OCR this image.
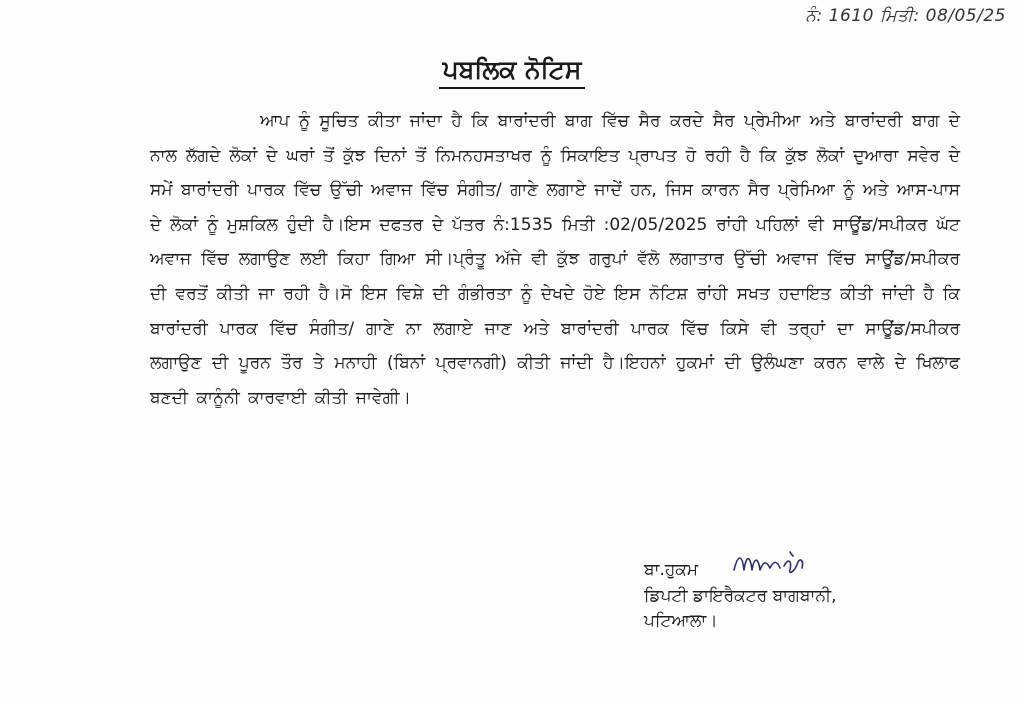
ਨੰ: 1610 ਮਿਤੀ: 08/05/25
ਪਬਲਿਕ ਨੋਟਿਸ

ਆਪ ਨੂੰ ਸੂਚਿਤ ਕੀਤਾ ਜਾਂਦਾ ਹੈ ਕਿ ਬਾਰਾਂਦਰੀ ਬਾਗ ਵਿੱਚ ਸੈਰ ਕਰਦੇ ਸੈਰ ਪ੍ਰੇਮੀਆ ਅਤੇ ਬਾਰਾਂਦਰੀ ਬਾਗ ਦੇ ਨਾਲ ਲੱਗਦੇ ਲੋਕਾਂ ਦੇ ਘਰਾਂ ਤੋਂ ਕੁੱਝ ਦਿਨਾਂ ਤੋਂ ਨਿਮਨਹਸਤਾਖਰ ਨੂੰ ਸਿਕਾਇਤ ਪ੍ਰਾਪਤ ਹੋ ਰਹੀ ਹੈ ਕਿ ਕੁੱਝ ਲੋਕਾਂ ਦੁਆਰਾ ਸਵੇਰ ਦੇ ਸਮੇਂ ਬਾਰਾਂਦਰੀ ਪਾਰਕ ਵਿੱਚ ਉੱਚੀ ਅਵਾਜ ਵਿੱਚ ਸੰਗੀਤ/ ਗਾਣੇ ਲਗਾਏ ਜਾਦੇਂ ਹਨ, ਜਿਸ ਕਾਰਨ ਸੈਰ ਪ੍ਰੇਮਿਆ ਨੂੰ ਅਤੇ ਆਸ-ਪਾਸ ਦੇ ਲੋਕਾਂ ਨੂੰ ਮੁਸ਼ਕਿਲ ਹੁੰਦੀ ਹੈ।ਇਸ ਦਫਤਰ ਦੇ ਪੱਤਰ ਨੰ:1535 ਮਿਤੀ :02/05/2025 ਰਾਂਹੀ ਪਹਿਲਾਂ ਵੀ ਸਾਊਂਡ/ਸਪੀਕਰ ਘੱਟ ਅਵਾਜ ਵਿੱਚ ਲਗਾਉਣ ਲਈ ਕਿਹਾ ਗਿਆ ਸੀ।ਪ੍ਰੰਤੂ ਅੱਜੇ ਵੀ ਕੁੱਝ ਗਰੁਪਾਂ ਵੱਲੋ ਲਗਾਤਾਰ ਉੱਚੀ ਅਵਾਜ ਵਿੱਚ ਸਾਊਂਡ/ਸਪੀਕਰ ਦੀ ਵਰਤੋਂ ਕੀਤੀ ਜਾ ਰਹੀ ਹੈ।ਸੋ ਇਸ ਵਿਸ਼ੇ ਦੀ ਗੰਭੀਰਤਾ ਨੂੰ ਦੇਖਦੇ ਹੋਏ ਇਸ ਨੋਟਿਸ਼ ਰਾਂਹੀ ਸਖਤ ਹਦਾਇਤ ਕੀਤੀ ਜਾਂਦੀ ਹੈ ਕਿ ਬਾਰਾਂਦਰੀ ਪਾਰਕ ਵਿੱਚ ਸੰਗੀਤ/ ਗਾਣੇ ਨਾ ਲਗਾਏ ਜਾਣ ਅਤੇ ਬਾਰਾਂਦਰੀ ਪਾਰਕ ਵਿੱਚ ਕਿਸੇ ਵੀ ਤਰ੍ਹਾਂ ਦਾ ਸਾਊਂਡ/ਸਪੀਕਰ ਲਗਾਉਣ ਦੀ ਪੂਰਨ ਤੌਰ ਤੇ ਮਨਾਹੀ (ਬਿਨਾਂ ਪ੍ਰਵਾਨਗੀ) ਕੀਤੀ ਜਾਂਦੀ ਹੈ।ਇਹਨਾਂ ਹੁਕਮਾਂ ਦੀ ਉਲੰਘਣਾ ਕਰਨ ਵਾਲੇ ਦੇ ਖਿਲਾਫ ਬਣਦੀ ਕਾਨੂੰਨੀ ਕਾਰਵਾਈ ਕੀਤੀ ਜਾਵੇਗੀ।

ਬਾ.ਹੁਕਮ
ਡਿਪਟੀ ਡਾਇਰੈਕਟਰ ਬਾਗਬਾਨੀ,
ਪਟਿਆਲਾ।
